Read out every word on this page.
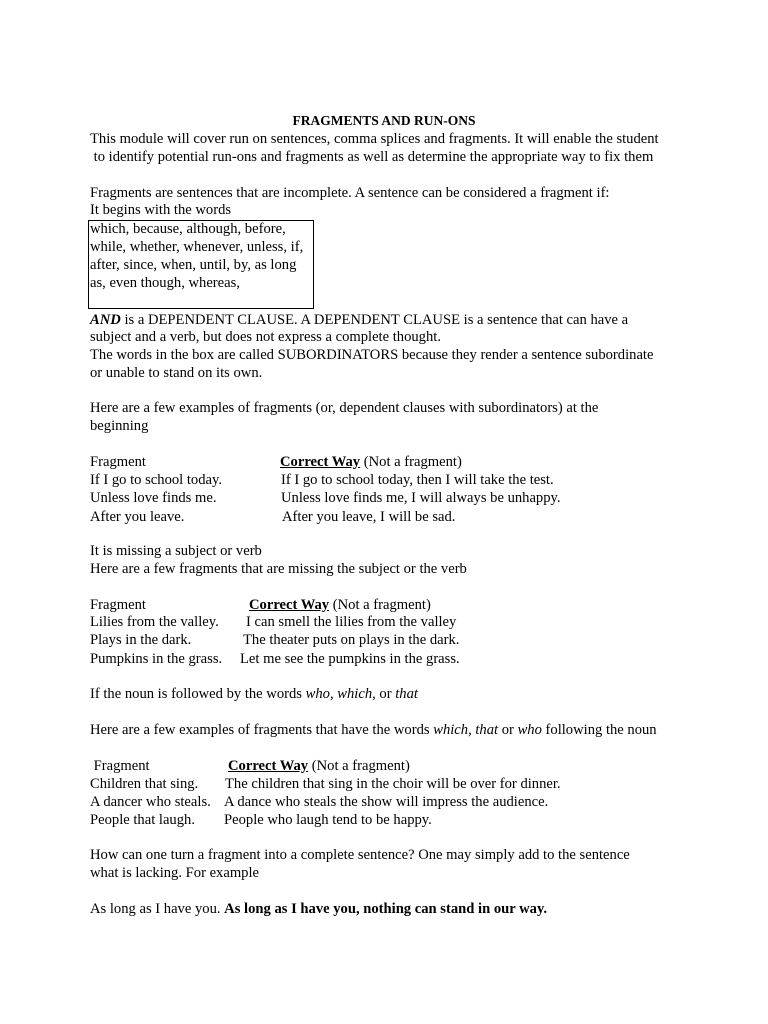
FRAGMENTS AND RUN-ONS
This module will cover run on sentences, comma splices and fragments. It will enable the student
to identify potential run-ons and fragments as well as determine the appropriate way to fix them
Fragments are sentences that are incomplete. A sentence can be considered a fragment if:
It begins with the words
which, because, although, before,
while, whether, whenever, unless, if,
after, since, when, until, by, as long
as, even though, whereas,
AND is a DEPENDENT CLAUSE. A DEPENDENT CLAUSE is a sentence that can have a
subject and a verb, but does not express a complete thought.
The words in the box are called SUBORDINATORS because they render a sentence subordinate
or unable to stand on its own.
Here are a few examples of fragments (or, dependent clauses with subordinators) at the
beginning
Fragment	Correct Way (Not a fragment)
If I go to school today.	If I go to school today, then I will take the test.
Unless love finds me.	Unless love finds me, I will always be unhappy.
After you leave.	After you leave, I will be sad.
It is missing a subject or verb
Here are a few fragments that are missing the subject or the verb
Fragment	Correct Way (Not a fragment)
Lilies from the valley. I can smell the lilies from the valley
Plays in the dark.	The theater puts on plays in the dark.
Pumpkins in the grass. Let me see the pumpkins in the grass.
If the noun is followed by the words who, which, or that
Here are a few examples of fragments that have the words which, that or who following the noun
Fragment	Correct Way (Not a fragment)
Children that sing. The children that sing in the choir will be over for dinner.
A dancer who steals. A dance who steals the show will impress the audience.
People that laugh. People who laugh tend to be happy.
How can one turn a fragment into a complete sentence? One may simply add to the sentence
what is lacking. For example
As long as I have you. As long as I have you, nothing can stand in our way.
